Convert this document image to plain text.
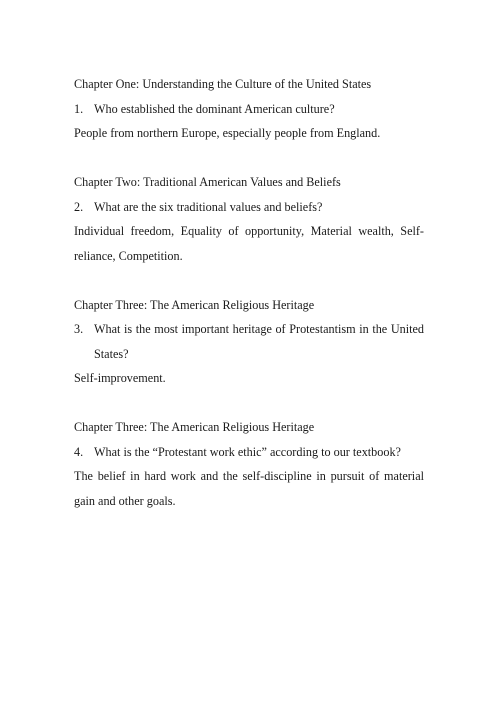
Chapter One: Understanding the Culture of the United States
1. Who established the dominant American culture?
People from northern Europe, especially people from England.
Chapter Two: Traditional American Values and Beliefs
2. What are the six traditional values and beliefs?
Individual freedom, Equality of opportunity, Material wealth, Self-reliance, Competition.
Chapter Three: The American Religious Heritage
3. What is the most important heritage of Protestantism in the United States?
Self-improvement.
Chapter Three: The American Religious Heritage
4. What is the “Protestant work ethic” according to our textbook?
The belief in hard work and the self-discipline in pursuit of material gain and other goals.
